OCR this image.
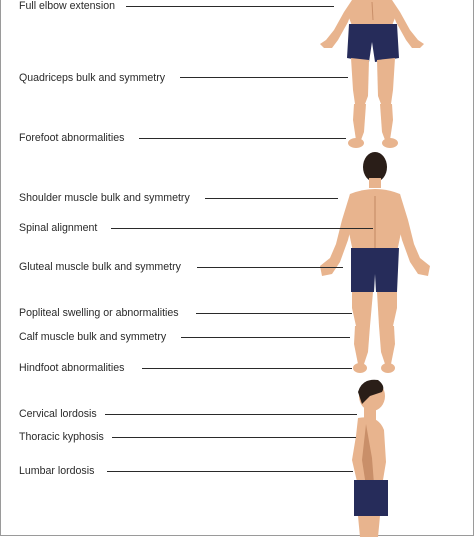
Full elbow extension
Quadriceps bulk and symmetry
Forefoot abnormalities
Shoulder muscle bulk and symmetry
Spinal alignment
Gluteal muscle bulk and symmetry
Popliteal swelling or abnormalities
Calf muscle bulk and symmetry
Hindfoot abnormalities
Cervical lordosis
Thoracic kyphosis
Lumbar lordosis
